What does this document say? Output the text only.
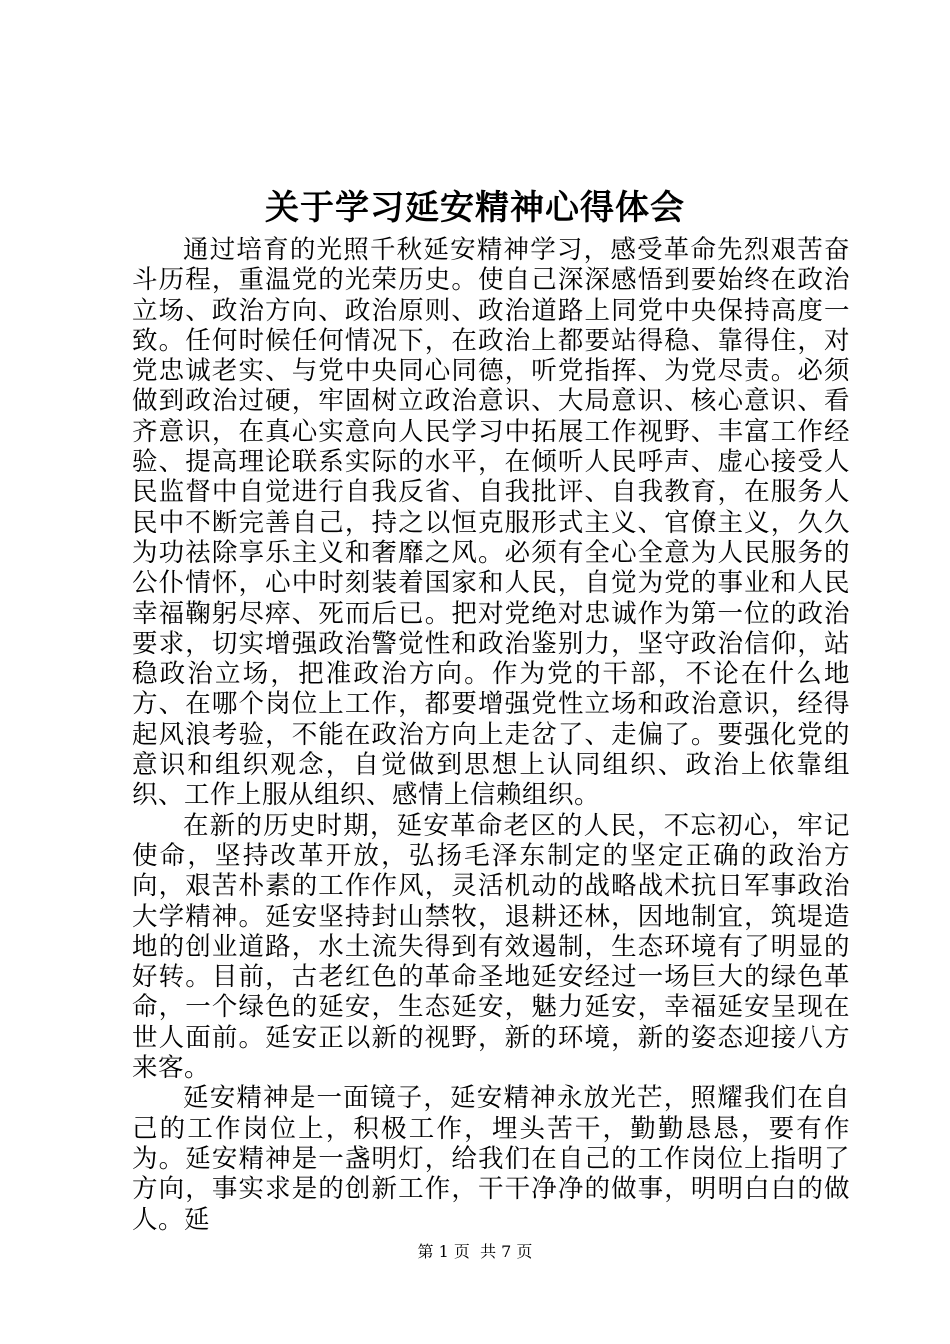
关于学习延安精神心得体会

通过培育的光照千秋延安精神学习，感受革命先烈艰苦奋斗历程，重温党的光荣历史。使自己深深感悟到要始终在政治立场、政治方向、政治原则、政治道路上同党中央保持高度一致。任何时候任何情况下，在政治上都要站得稳、靠得住，对党忠诚老实、与党中央同心同德，听党指挥、为党尽责。必须做到政治过硬，牢固树立政治意识、大局意识、核心意识、看齐意识，在真心实意向人民学习中拓展工作视野、丰富工作经验、提高理论联系实际的水平，在倾听人民呼声、虚心接受人民监督中自觉进行自我反省、自我批评、自我教育，在服务人民中不断完善自己，持之以恒克服形式主义、官僚主义，久久为功祛除享乐主义和奢靡之风。必须有全心全意为人民服务的公仆情怀，心中时刻装着国家和人民，自觉为党的事业和人民幸福鞠躬尽瘁、死而后已。把对党绝对忠诚作为第一位的政治要求，切实增强政治警觉性和政治鉴别力，坚守政治信仰，站稳政治立场，把准政治方向。作为党的干部，不论在什么地方、在哪个岗位上工作，都要增强党性立场和政治意识，经得起风浪考验，不能在政治方向上走岔了、走偏了。要强化党的意识和组织观念，自觉做到思想上认同组织、政治上依靠组织、工作上服从组织、感情上信赖组织。

在新的历史时期，延安革命老区的人民，不忘初心，牢记使命，坚持改革开放，弘扬毛泽东制定的坚定正确的政治方向，艰苦朴素的工作作风，灵活机动的战略战术抗日军事政治大学精神。延安坚持封山禁牧，退耕还林，因地制宜，筑堤造地的创业道路，水土流失得到有效遏制，生态环境有了明显的好转。目前，古老红色的革命圣地延安经过一场巨大的绿色革命，一个绿色的延安，生态延安，魅力延安，幸福延安呈现在世人面前。延安正以新的视野，新的环境，新的姿态迎接八方来客。

延安精神是一面镜子，延安精神永放光芒，照耀我们在自己的工作岗位上，积极工作，埋头苦干，勤勤恳恳，要有作为。延安精神是一盏明灯，给我们在自己的工作岗位上指明了方向，事实求是的创新工作，干干净净的做事，明明白白的做人。延

第 1 页  共 7 页
